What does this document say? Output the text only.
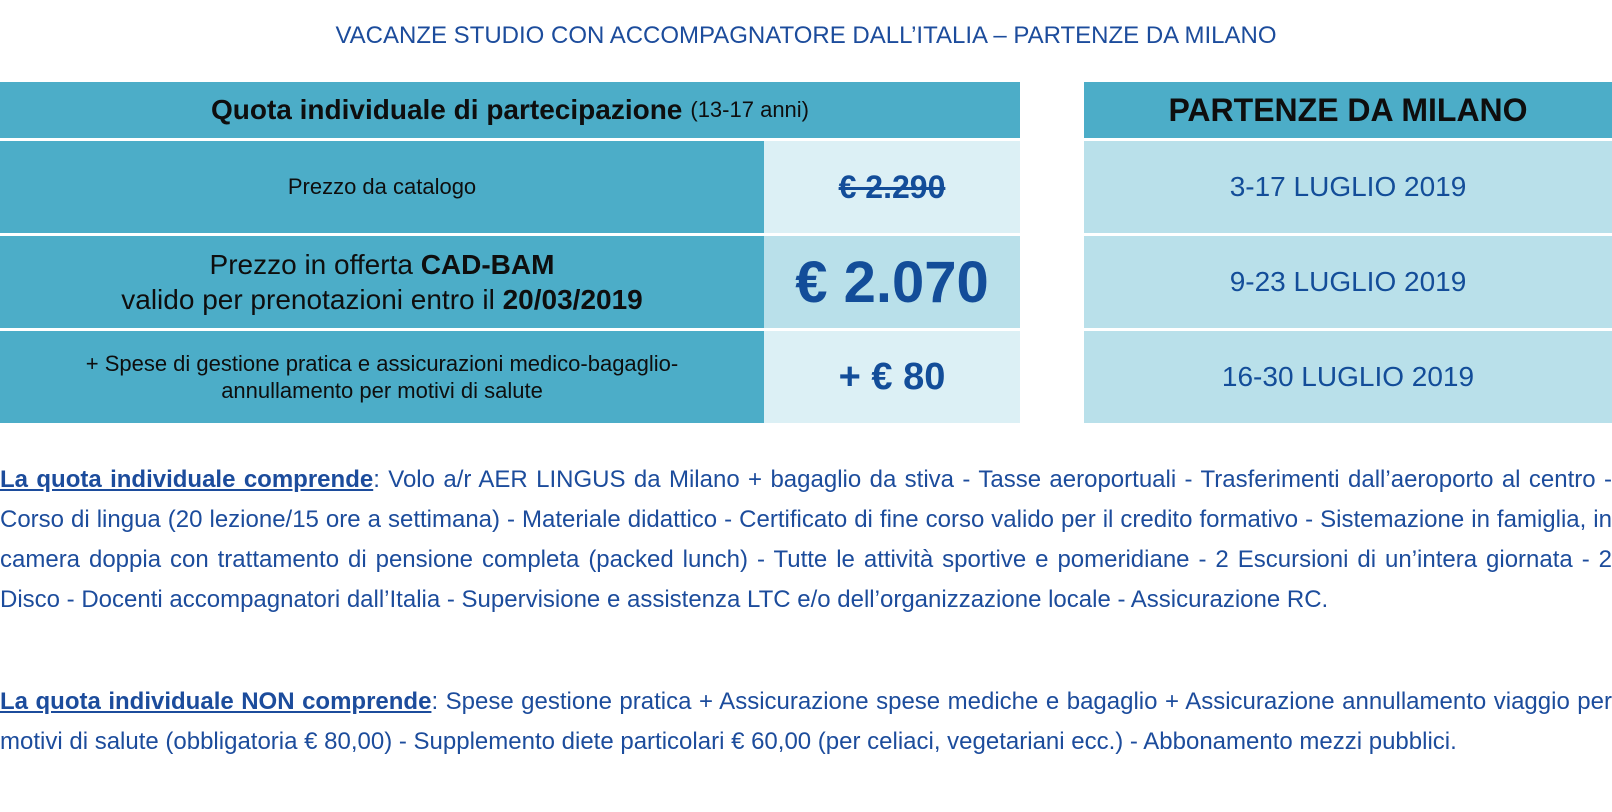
VACANZE STUDIO CON ACCOMPAGNATORE DALL’ITALIA – PARTENZE DA MILANO
Quota individuale di partecipazione (13-17 anni)
Prezzo da catalogo	€ 2.290
Prezzo in offerta CAD-BAM
valido per prenotazioni entro il 20/03/2019	€ 2.070
+ Spese di gestione pratica e assicurazioni medico-bagaglio-
annullamento per motivi di salute	+ € 80
PARTENZE DA MILANO
3-17 LUGLIO 2019
9-23 LUGLIO 2019
16-30 LUGLIO 2019

La quota individuale comprende: Volo a/r AER LINGUS da Milano + bagaglio da stiva - Tasse aeroportuali - Trasferimenti dall’aeroporto al centro - Corso di lingua (20 lezione/15 ore a settimana) - Materiale didattico - Certificato di fine corso valido per il credito formativo - Sistemazione in famiglia, in camera doppia con trattamento di pensione completa (packed lunch) - Tutte le attività sportive e pomeridiane - 2 Escursioni di un’intera giornata - 2 Disco - Docenti accompagnatori dall’Italia - Supervisione e assistenza LTC e/o dell’organizzazione locale - Assicurazione RC.

La quota individuale NON comprende: Spese gestione pratica + Assicurazione spese mediche e bagaglio + Assicurazione annullamento viaggio per motivi di salute (obbligatoria € 80,00) - Supplemento diete particolari € 60,00 (per celiaci, vegetariani ecc.) - Abbonamento mezzi pubblici.
